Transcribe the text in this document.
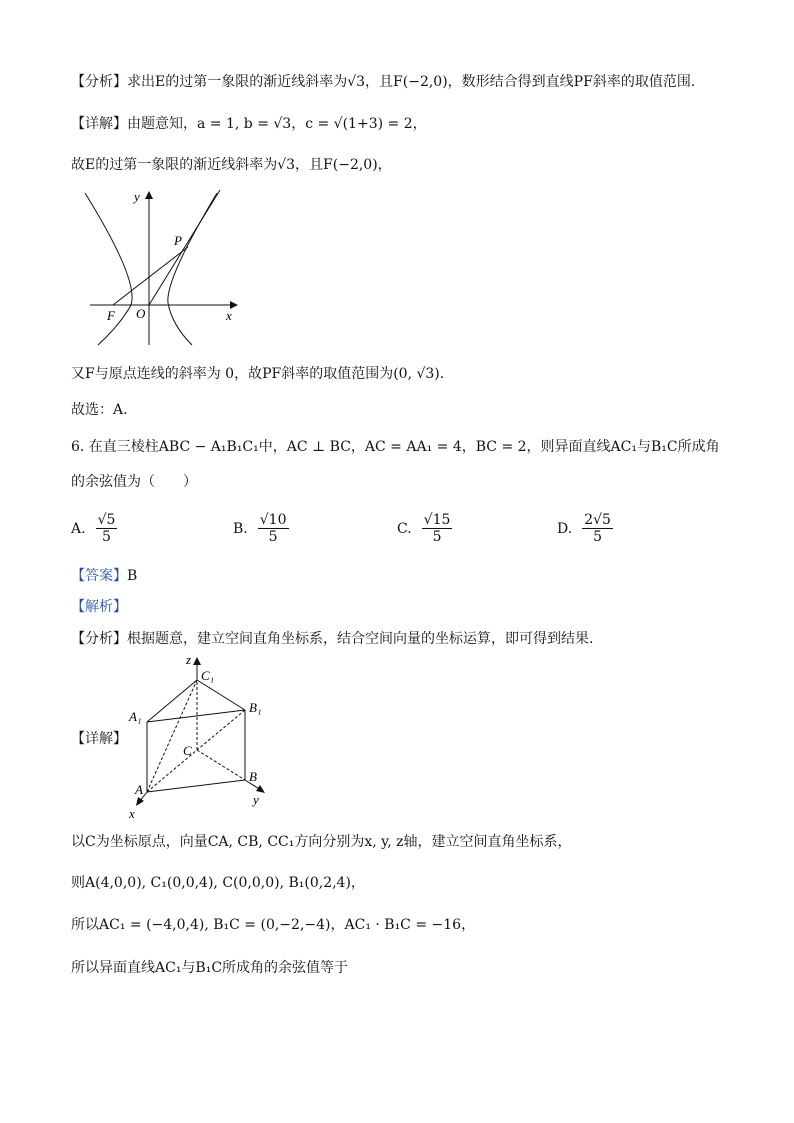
【分析】求出E的过第一象限的渐近线斜率为√3，且F(−2,0)，数形结合得到直线PF斜率的取值范围.
【详解】由题意知，a = 1, b = √3，c = √(1+3) = 2，
故E的过第一象限的渐近线斜率为√3，且F(−2,0)，
y
P
F O	x
又F与原点连线的斜率为 0，故PF斜率的取值范围为(0, √3).
故选：A.
6. 在直三棱柱ABC − A₁B₁C₁中，AC ⊥ BC，AC = AA₁ = 4，BC = 2，则异面直线AC₁与B₁C所成角
的余弦值为（　　）
A. $\frac{√5}{5}$	B. $\frac{√10}{5}$	C. $\frac{√15}{5}$	D. $\frac{2√5}{5}$
【答案】B
【解析】
【分析】根据题意，建立空间直角坐标系，结合空间向量的坐标运算，即可得到结果.
【详解】
z
C₁
A₁
B₁
C
A
B
y
x
以C为坐标原点，向量CA, CB, CC₁方向分别为x, y, z轴，建立空间直角坐标系，
则A(4,0,0), C₁(0,0,4), C(0,0,0), B₁(0,2,4)，
所以AC₁ = (−4,0,4), B₁C = (0,−2,−4)，AC₁ · B₁C = −16，
所以异面直线AC₁与B₁C所成角的余弦值等于
